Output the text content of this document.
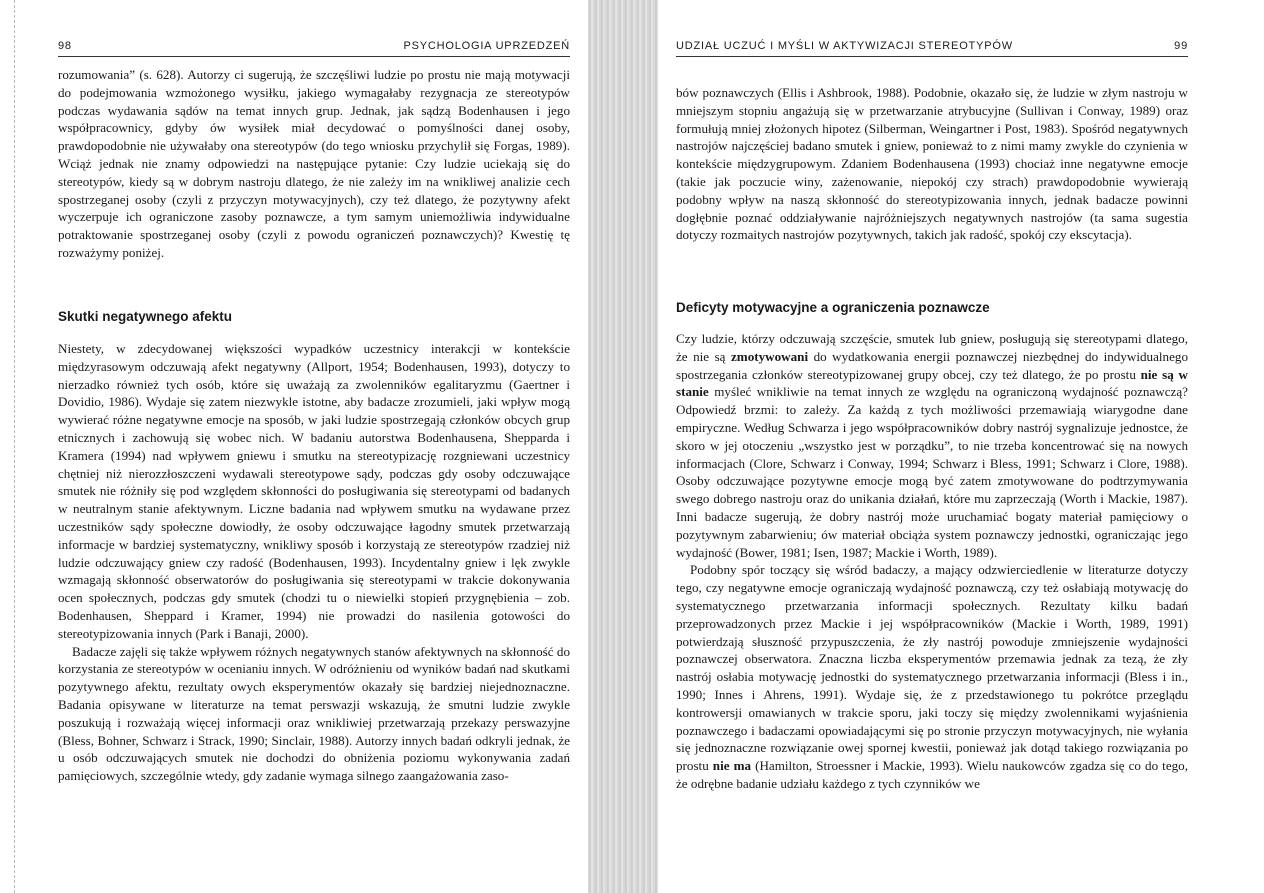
98	PSYCHOLOGIA UPRZEDZEŃ

rozumowania” (s. 628). Autorzy ci sugerują, że szczęśliwi ludzie po prostu nie mają motywacji do podejmowania wzmożonego wysiłku, jakiego wymagałaby rezygnacja ze stereotypów podczas wydawania sądów na temat innych grup. Jednak, jak sądzą Bodenhausen i jego współpracownicy, gdyby ów wysiłek miał decydować o pomyślności danej osoby, prawdopodobnie nie używałaby ona stereotypów (do tego wniosku przychylił się Forgas, 1989). Wciąż jednak nie znamy odpowiedzi na następujące pytanie: Czy ludzie uciekają się do stereotypów, kiedy są w dobrym nastroju dlatego, że nie zależy im na wnikliwej analizie cech spostrzeganej osoby (czyli z przyczyn motywacyjnych), czy też dlatego, że pozytywny afekt wyczerpuje ich ograniczone zasoby poznawcze, a tym samym uniemożliwia indywidualne potraktowanie spostrzeganej osoby (czyli z powodu ograniczeń poznawczych)? Kwestię tę rozważymy poniżej.

Skutki negatywnego afektu

Niestety, w zdecydowanej większości wypadków uczestnicy interakcji w kontekście międzyrasowym odczuwają afekt negatywny (Allport, 1954; Bodenhausen, 1993), dotyczy to nierzadko również tych osób, które się uważają za zwolenników egalitaryzmu (Gaertner i Dovidio, 1986). Wydaje się zatem niezwykle istotne, aby badacze zrozumieli, jaki wpływ mogą wywierać różne negatywne emocje na sposób, w jaki ludzie spostrzegają członków obcych grup etnicznych i zachowują się wobec nich. W badaniu autorstwa Bodenhausena, Shepparda i Kramera (1994) nad wpływem gniewu i smutku na stereotypizację rozgniewani uczestnicy chętniej niż nierozzłoszczeni wydawali stereotypowe sądy, podczas gdy osoby odczuwające smutek nie różniły się pod względem skłonności do posługiwania się stereotypami od badanych w neutralnym stanie afektywnym. Liczne badania nad wpływem smutku na wydawane przez uczestników sądy społeczne dowiodły, że osoby odczuwające łagodny smutek przetwarzają informacje w bardziej systematyczny, wnikliwy sposób i korzystają ze stereotypów rzadziej niż ludzie odczuwający gniew czy radość (Bodenhausen, 1993). Incydentalny gniew i lęk zwykle wzmagają skłonność obserwatorów do posługiwania się stereotypami w trakcie dokonywania ocen społecznych, podczas gdy smutek (chodzi tu o niewielki stopień przygnębienia – zob. Bodenhausen, Sheppard i Kramer, 1994) nie prowadzi do nasilenia gotowości do stereotypizowania innych (Park i Banaji, 2000).

Badacze zajęli się także wpływem różnych negatywnych stanów afektywnych na skłonność do korzystania ze stereotypów w ocenianiu innych. W odróżnieniu od wyników badań nad skutkami pozytywnego afektu, rezultaty owych eksperymentów okazały się bardziej niejednoznaczne. Badania opisywane w literaturze na temat perswazji wskazują, że smutni ludzie zwykle poszukują i rozważają więcej informacji oraz wnikliwiej przetwarzają przekazy perswazyjne (Bless, Bohner, Schwarz i Strack, 1990; Sinclair, 1988). Autorzy innych badań odkryli jednak, że u osób odczuwających smutek nie dochodzi do obniżenia poziomu wykonywania zadań pamięciowych, szczególnie wtedy, gdy zadanie wymaga silnego zaangażowania zaso-

UDZIAŁ UCZUĆ I MYŚLI W AKTYWIZACJI STEREOTYPÓW	99

bów poznawczych (Ellis i Ashbrook, 1988). Podobnie, okazało się, że ludzie w złym nastroju w mniejszym stopniu angażują się w przetwarzanie atrybucyjne (Sullivan i Conway, 1989) oraz formułują mniej złożonych hipotez (Silberman, Weingartner i Post, 1983). Spośród negatywnych nastrojów najczęściej badano smutek i gniew, ponieważ to z nimi mamy zwykle do czynienia w kontekście międzygrupowym. Zdaniem Bodenhausena (1993) chociaż inne negatywne emocje (takie jak poczucie winy, zażenowanie, niepokój czy strach) prawdopodobnie wywierają podobny wpływ na naszą skłonność do stereotypizowania innych, jednak badacze powinni dogłębnie poznać oddziaływanie najróżniejszych negatywnych nastrojów (ta sama sugestia dotyczy rozmaitych nastrojów pozytywnych, takich jak radość, spokój czy ekscytacja).

Deficyty motywacyjne a ograniczenia poznawcze

Czy ludzie, którzy odczuwają szczęście, smutek lub gniew, posługują się stereotypami dlatego, że nie są zmotywowani do wydatkowania energii poznawczej niezbędnej do indywidualnego spostrzegania członków stereotypizowanej grupy obcej, czy też dlatego, że po prostu nie są w stanie myśleć wnikliwie na temat innych ze względu na ograniczoną wydajność poznawczą? Odpowiedź brzmi: to zależy. Za każdą z tych możliwości przemawiają wiarygodne dane empiryczne. Według Schwarza i jego współpracowników dobry nastrój sygnalizuje jednostce, że skoro w jej otoczeniu „wszystko jest w porządku”, to nie trzeba koncentrować się na nowych informacjach (Clore, Schwarz i Conway, 1994; Schwarz i Bless, 1991; Schwarz i Clore, 1988). Osoby odczuwające pozytywne emocje mogą być zatem zmotywowane do podtrzymywania swego dobrego nastroju oraz do unikania działań, które mu zaprzeczają (Worth i Mackie, 1987). Inni badacze sugerują, że dobry nastrój może uruchamiać bogaty materiał pamięciowy o pozytywnym zabarwieniu; ów materiał obciąża system poznawczy jednostki, ograniczając jego wydajność (Bower, 1981; Isen, 1987; Mackie i Worth, 1989).

Podobny spór toczący się wśród badaczy, a mający odzwierciedlenie w literaturze dotyczy tego, czy negatywne emocje ograniczają wydajność poznawczą, czy też osłabiają motywację do systematycznego przetwarzania informacji społecznych. Rezultaty kilku badań przeprowadzonych przez Mackie i jej współpracowników (Mackie i Worth, 1989, 1991) potwierdzają słuszność przypuszczenia, że zły nastrój powoduje zmniejszenie wydajności poznawczej obserwatora. Znaczna liczba eksperymentów przemawia jednak za tezą, że zły nastrój osłabia motywację jednostki do systematycznego przetwarzania informacji (Bless i in., 1990; Innes i Ahrens, 1991). Wydaje się, że z przedstawionego tu pokrótce przeglądu kontrowersji omawianych w trakcie sporu, jaki toczy się między zwolennikami wyjaśnienia poznawczego i badaczami opowiadającymi się po stronie przyczyn motywacyjnych, nie wyłania się jednoznaczne rozwiązanie owej spornej kwestii, ponieważ jak dotąd takiego rozwiązania po prostu nie ma (Hamilton, Stroessner i Mackie, 1993). Wielu naukowców zgadza się co do tego, że odrębne badanie udziału każdego z tych czynników we
